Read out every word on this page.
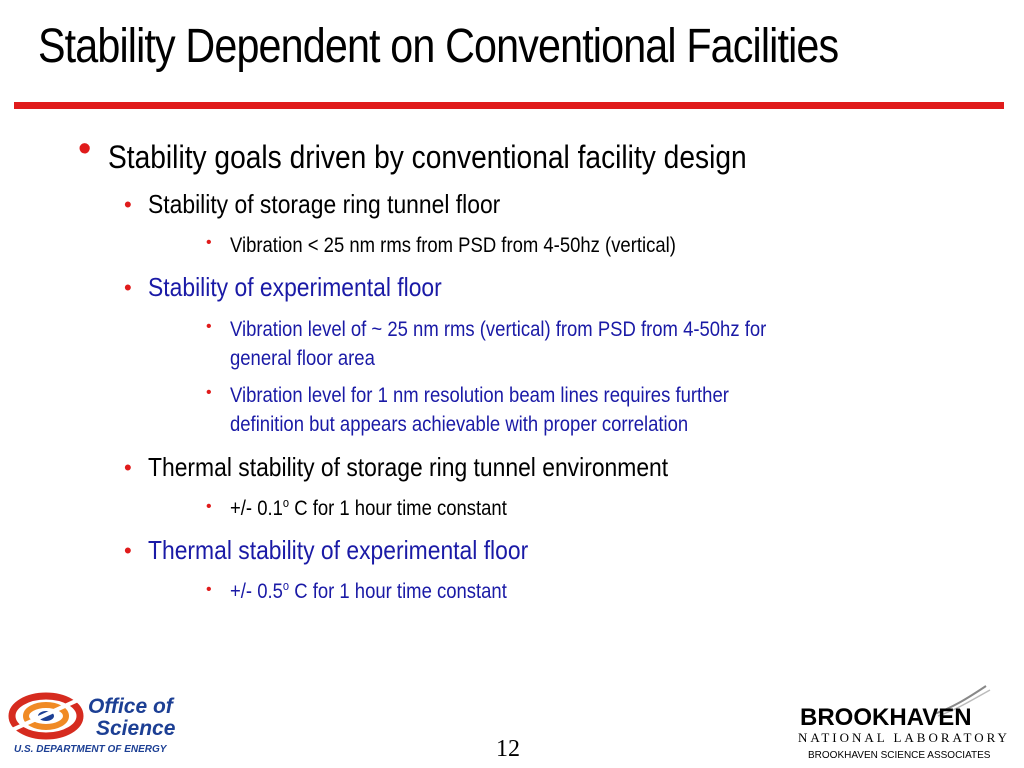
Stability Dependent on Conventional Facilities
• Stability goals driven by conventional facility design
• Stability of storage ring tunnel floor
• Vibration < 25 nm rms from PSD from 4-50hz (vertical)
• Stability of experimental floor
• Vibration level of ~ 25 nm rms (vertical) from PSD from 4-50hz for
general floor area
• Vibration level for 1 nm resolution beam lines requires further
definition but appears achievable with proper correlation
• Thermal stability of storage ring tunnel environment
• +/- 0.1$^o$ C for 1 hour time constant
• Thermal stability of experimental floor
• +/- 0.5$^o$ C for 1 hour time constant
Office of
Science
U.S. DEPARTMENT OF ENERGY	12
BROOKHAVEN
NATIONAL LABORATORY
BROOKHAVEN SCIENCE ASSOCIATES
